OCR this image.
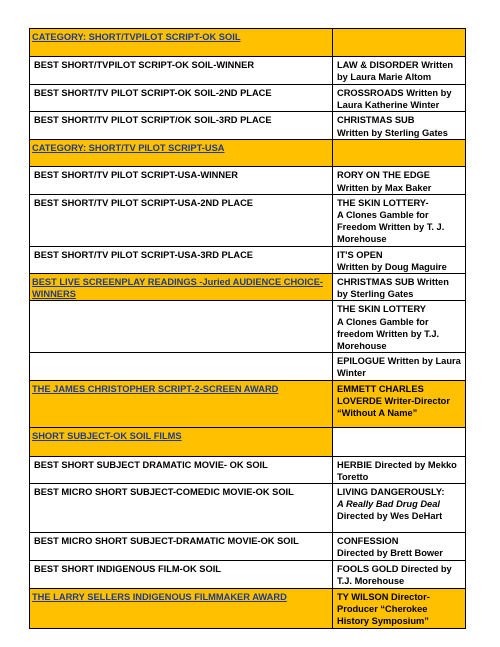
CATEGORY: SHORT/TVPILOT SCRIPT-OK SOIL	

BEST SHORT/TVPILOT SCRIPT-OK SOIL-WINNER	LAW & DISORDER Written by Laura Marie Altom

BEST SHORT/TV PILOT SCRIPT-OK SOIL-2ND PLACE	CROSSROADS Written by Laura Katherine Winter

BEST SHORT/TV PILOT SCRIPT/OK SOIL-3RD PLACE	CHRISTMAS SUB
Written by Sterling Gates

CATEGORY: SHORT/TV PILOT SCRIPT-USA	

BEST SHORT/TV PILOT SCRIPT-USA-WINNER	RORY ON THE EDGE
Written by Max Baker

BEST SHORT/TV PILOT SCRIPT-USA-2ND PLACE	THE SKIN LOTTERY-
A Clones Gamble for Freedom Written by T. J. Morehouse

BEST SHORT/TV PILOT SCRIPT-USA-3RD PLACE	IT'S OPEN
Written by Doug Maguire

BEST LIVE SCREENPLAY READINGS -Juried AUDIENCE CHOICE-WINNERS	CHRISTMAS SUB Written by Sterling Gates

	THE SKIN LOTTERY
A Clones Gamble for freedom Written by T.J. Morehouse

	EPILOGUE Written by Laura Winter

THE JAMES CHRISTOPHER SCRIPT-2-SCREEN AWARD	EMMETT CHARLES LOVERDE Writer-Director “Without A Name”

SHORT SUBJECT-OK SOIL FILMS	

BEST SHORT SUBJECT DRAMATIC MOVIE- OK SOIL	HERBIE Directed by Mekko Toretto

BEST MICRO SHORT SUBJECT-COMEDIC MOVIE-OK SOIL	LIVING DANGEROUSLY:
A Really Bad Drug Deal
Directed by Wes DeHart

BEST MICRO SHORT SUBJECT-DRAMATIC MOVIE-OK SOIL	CONFESSION
Directed by Brett Bower

BEST SHORT INDIGENOUS FILM-OK SOIL	FOOLS GOLD Directed by T.J. Morehouse

THE LARRY SELLERS INDIGENOUS FILMMAKER AWARD	TY WILSON Director-Producer “Cherokee History Symposium”
